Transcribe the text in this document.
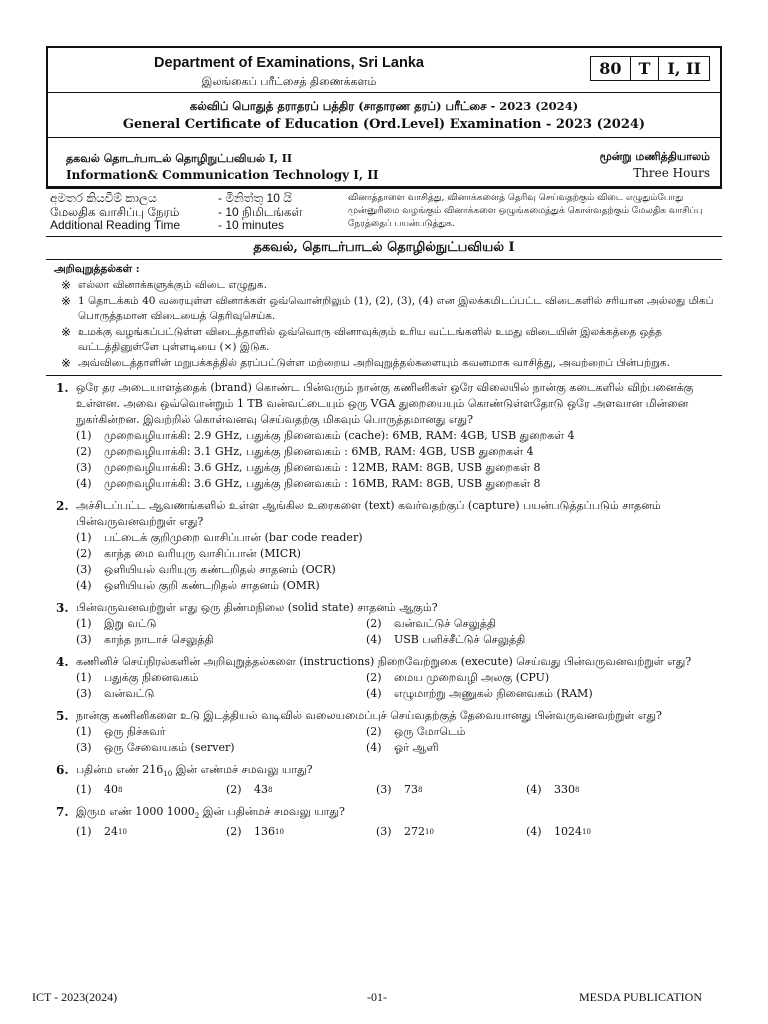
Department of Examinations, Sri Lanka
இலங்கைப் பரீட்சைத் திணைக்களம்
80	T	I, II
கல்விப் பொதுத் தராதரப் பத்திர (சாதாரண தரப்) பரீட்சை - 2023 (2024)
General Certificate of Education (Ord.Level) Examination - 2023 (2024)
தகவல் தொடர்பாடல் தொழிநுட்பவியல் I, II
Information& Communication Technology I, II
மூன்று மணித்தியாலம்
Three Hours
අමතර කියවීම් කාලය	- මිනිත්තු 10 යි
மேலதிக வாசிப்பு நேரம்	- 10 நிமிடங்கள்
Additional Reading Time	- 10 minutes
வினாத்தாளை வாசித்து, வினாக்களைத் தெரிவு செய்வதற்கும் விடை எழுதும்போது முன்னுரிமை வழங்கும் வினாக்களை ஒழுங்கமைத்துக் கொள்வதற்கும் மேலதிக வாசிப்பு நேரத்தைப் பயன்படுத்துக.
தகவல், தொடர்பாடல் தொழில்நுட்பவியல் I
அறிவுறுத்தல்கள் :
※ எல்லா வினாக்களுக்கும் விடை எழுதுக.
※ 1 தொடக்கம் 40 வரையுள்ள வினாக்கள் ஒவ்வொன்றிலும் (1), (2), (3), (4) என இலக்கமிடப்பட்ட விடைகளில் சரியான அல்லது மிகப் பொருத்தமான விடையைத் தெரிவுசெய்க.
※ உமக்கு வழங்கப்பட்டுள்ள விடைத்தாளில் ஒவ்வொரு வினாவுக்கும் உரிய வட்டங்களில் உமது விடையின் இலக்கத்தை ஒத்த வட்டத்தினுள்ளே புள்ளடியை (×) இடுக.
※ அவ்விடைத்தாளின் மறுபக்கத்தில் தரப்பட்டுள்ள மற்றைய அறிவுறுத்தல்களையும் கவனமாக வாசித்து, அவற்றைப் பின்பற்றுக.
1. ஒரே தர அடையாளத்தைக் (brand) கொண்ட பின்வரும் நான்கு கணினிகள் ஒரே விலையில் நான்கு கடைகளில் விற்பனைக்கு உள்ளன. அவை ஒவ்வொன்றும் 1 TB வன்வட்டையும் ஒரு VGA துறையையும் கொண்டுள்ளதோடு ஒரே அளவான மின்னை நுகர்கின்றன. இவற்றில் கொள்வனவு செய்வதற்கு மிகவும் பொருத்தமானது எது?
(1)	முறைவழியாக்கி: 2.9 GHz, பதுக்கு நினைவகம் (cache): 6MB, RAM: 4GB, USB துறைகள் 4
(2)	முறைவழியாக்கி: 3.1 GHz, பதுக்கு நினைவகம் : 6MB, RAM: 4GB, USB துறைகள் 4
(3)	முறைவழியாக்கி: 3.6 GHz, பதுக்கு நினைவகம் : 12MB, RAM: 8GB, USB துறைகள் 8
(4)	முறைவழியாக்கி: 3.6 GHz, பதுக்கு நினைவகம் : 16MB, RAM: 8GB, USB துறைகள் 8
2. அச்சிடப்பட்ட ஆவணங்களில் உள்ள ஆங்கில உரைகளை (text) கவர்வதற்குப் (capture) பயன்படுத்தப்படும் சாதனம் பின்வருவனவற்றுள் எது?
(1)	பட்டைக் குறிமுறை வாசிப்பான் (bar code reader)
(2)	காந்த மை வரியுரு வாசிப்பான் (MICR)
(3)	ஒளியியல் வரியுரு கண்டறிதல் சாதனம் (OCR)
(4)	ஒளியியல் குறி கண்டறிதல் சாதனம் (OMR)
3. பின்வருவனவற்றுள் எது ஒரு திண்மநிலை (solid state) சாதனம் ஆகும்?
(1)	இறு வட்டு	(2)	வன்வட்டுச் செலுத்தி
(3)	காந்த நாடாச் செலுத்தி	(4)	USB பளிச்சீட்டுச் செலுத்தி
4. கணினிச் செய்நிரல்களின் அறிவுறுத்தல்களை (instructions) நிறைவேற்றுகை (execute) செய்வது பின்வருவனவற்றுள் எது?
(1)	பதுக்கு நினைவகம்	(2)	மைய முறைவழி அலகு (CPU)
(3)	வன்வட்டு	(4)	எழுமாற்று அணுகல் நினைவகம் (RAM)
5. நான்கு கணினிகளை உடு இடத்தியல் வடிவில் வலையமைப்புச் செய்வதற்குத் தேவையானது பின்வருவனவற்றுள் எது?
(1)	ஒரு நிச்சுவர்	(2)	ஒரு மோடெம்
(3)	ஒரு சேவையகம் (server)	(4)	ஓர் ஆளி
6. பதின்ம எண் $216_{10}$ இன் எண்மச் சமவலு யாது?
(1)	40 8	(2)	43 8	(3)	73 8	(4)	330 8
7. இரும எண் 1000 $1000_2$ இன் பதின்மச் சமவலு யாது?
(1)	24 10	(2)	136 10	(3)	272 10	(4)	1024 10
ICT - 2023(2024)	-01-	MESDA PUBLICATION
